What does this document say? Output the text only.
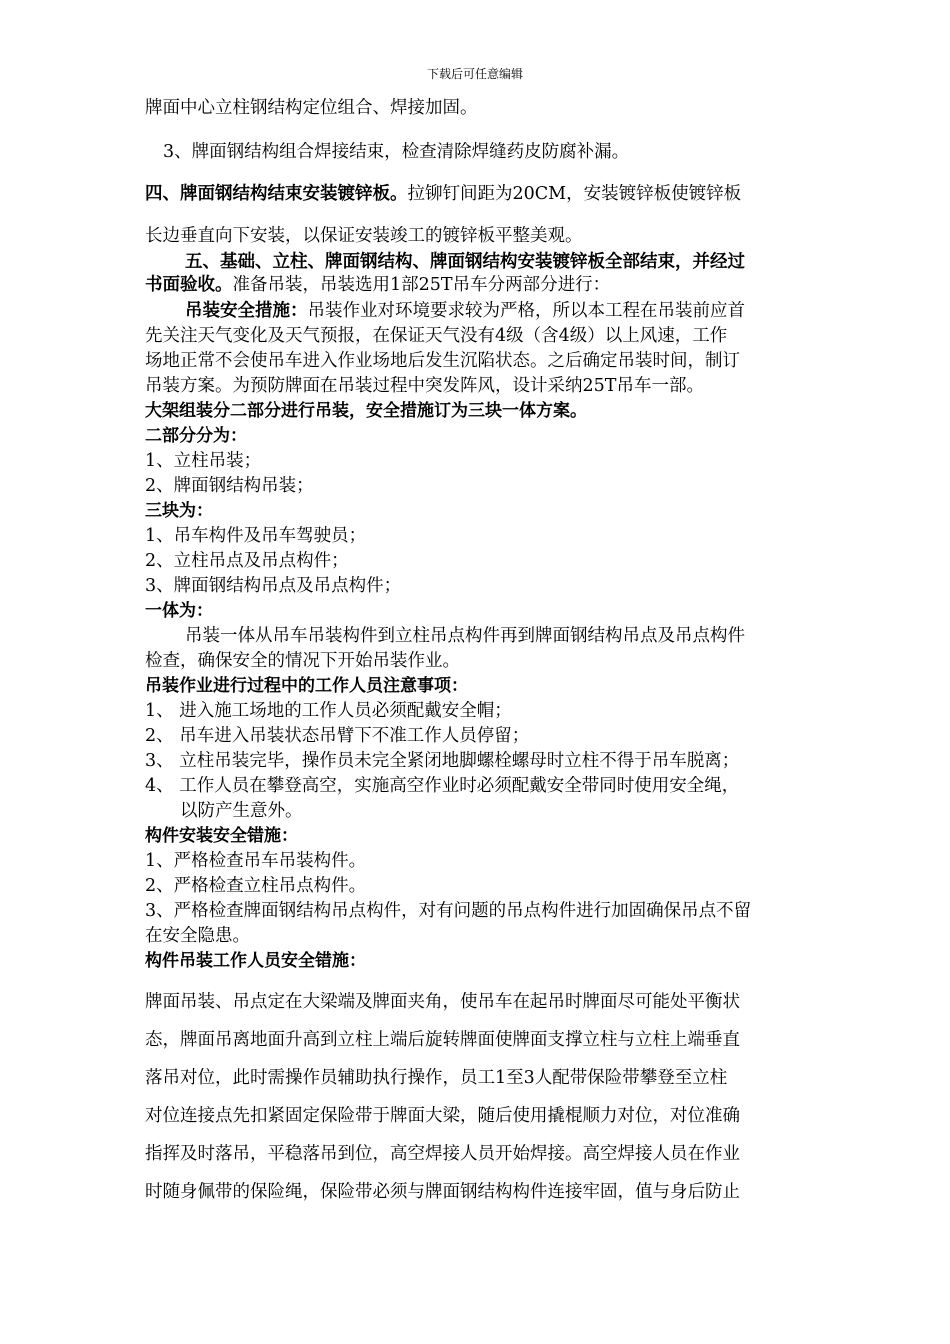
下载后可任意编辑
牌面中心立柱钢结构定位组合、焊接加固。
3、牌面钢结构组合焊接结束，检查清除焊缝药皮防腐补漏。
四、牌面钢结构结束安装镀锌板。拉铆钉间距为20CM，安装镀锌板使镀锌板
长边垂直向下安装，以保证安装竣工的镀锌板平整美观。
五、基础、立柱、牌面钢结构、牌面钢结构安装镀锌板全部结束，并经过
书面验收。准备吊装，吊装选用1部25T吊车分两部分进行：
吊装安全措施：吊装作业对环境要求较为严格，所以本工程在吊装前应首
先关注天气变化及天气预报，在保证天气没有4级（含4级）以上风速，工作
场地正常不会使吊车进入作业场地后发生沉陷状态。之后确定吊装时间，制订
吊装方案。为预防牌面在吊装过程中突发阵风，设计采纳25T吊车一部。
大架组装分二部分进行吊装，安全措施订为三块一体方案。
二部分分为：
1、立柱吊装；
2、牌面钢结构吊装；
三块为：
1、吊车构件及吊车驾驶员；
2、立柱吊点及吊点构件；
3、牌面钢结构吊点及吊点构件；
一体为：
吊装一体从吊车吊装构件到立柱吊点构件再到牌面钢结构吊点及吊点构件
检查，确保安全的情况下开始吊装作业。
吊装作业进行过程中的工作人员注意事项：
1、 进入施工场地的工作人员必须配戴安全帽；
2、 吊车进入吊装状态吊臂下不准工作人员停留；
3、 立柱吊装完毕，操作员未完全紧闭地脚螺栓螺母时立柱不得于吊车脱离；
4、 工作人员在攀登高空，实施高空作业时必须配戴安全带同时使用安全绳，
以防产生意外。
构件安装安全错施：
1、严格检查吊车吊装构件。
2、严格检查立柱吊点构件。
3、严格检查牌面钢结构吊点构件，对有问题的吊点构件进行加固确保吊点不留
在安全隐患。
构件吊装工作人员安全错施：
牌面吊装、吊点定在大梁端及牌面夹角，使吊车在起吊时牌面尽可能处平衡状
态，牌面吊离地面升高到立柱上端后旋转牌面使牌面支撑立柱与立柱上端垂直
落吊对位，此时需操作员辅助执行操作，员工1至3人配带保险带攀登至立柱
对位连接点先扣紧固定保险带于牌面大梁，随后使用撬棍顺力对位，对位准确
指挥及时落吊，平稳落吊到位，高空焊接人员开始焊接。高空焊接人员在作业
时随身佩带的保险绳，保险带必须与牌面钢结构构件连接牢固，值与身后防止
